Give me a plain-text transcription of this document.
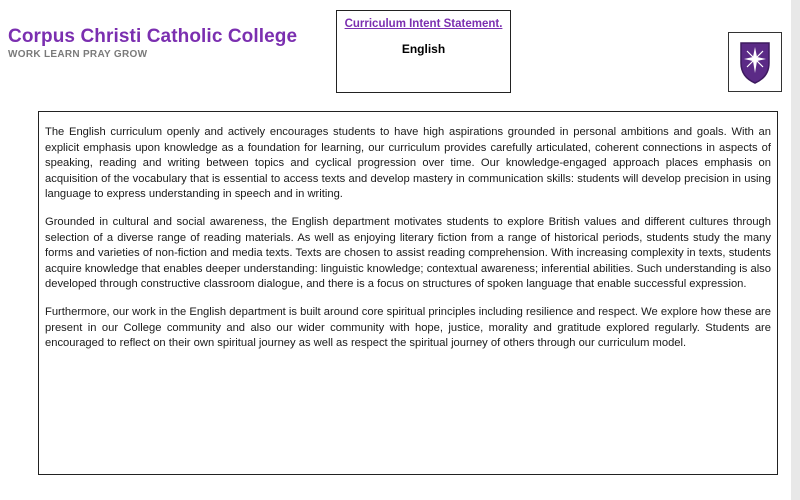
Corpus Christi Catholic College
WORK LEARN PRAY GROW
Curriculum Intent Statement.
English

The English curriculum openly and actively encourages students to have high aspirations grounded in personal ambitions and goals. With an explicit emphasis upon knowledge as a foundation for learning, our curriculum provides carefully articulated, coherent connections in aspects of speaking, reading and writing between topics and cyclical progression over time. Our knowledge-engaged approach places emphasis on acquisition of the vocabulary that is essential to access texts and develop mastery in communication skills: students will develop precision in using language to express understanding in speech and in writing.

Grounded in cultural and social awareness, the English department motivates students to explore British values and different cultures through selection of a diverse range of reading materials. As well as enjoying literary fiction from a range of historical periods, students study the many forms and varieties of non-fiction and media texts. Texts are chosen to assist reading comprehension. With increasing complexity in texts, students acquire knowledge that enables deeper understanding: linguistic knowledge; contextual awareness; inferential abilities. Such understanding is also developed through constructive classroom dialogue, and there is a focus on structures of spoken language that enable successful expression.

Furthermore, our work in the English department is built around core spiritual principles including resilience and respect. We explore how these are present in our College community and also our wider community with hope, justice, morality and gratitude explored regularly. Students are encouraged to reflect on their own spiritual journey as well as respect the spiritual journey of others through our curriculum model.
